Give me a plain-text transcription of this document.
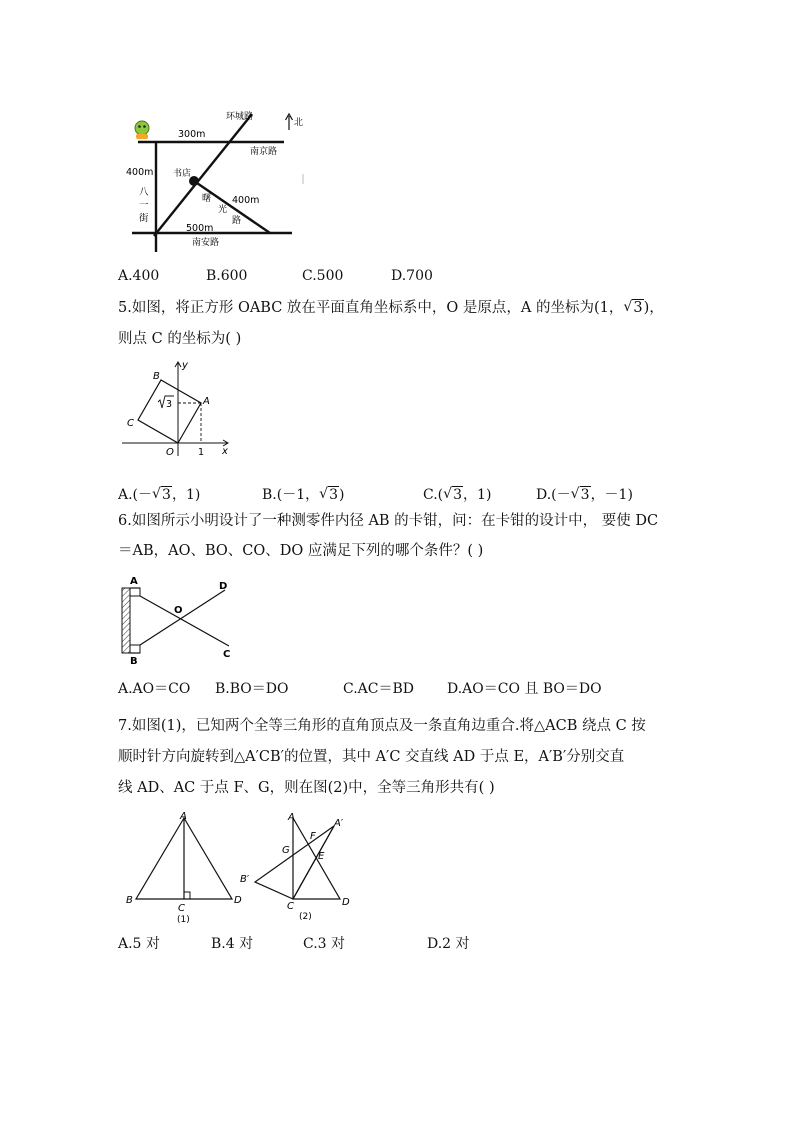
北
环城路
300m
南京路
400m 书店
八
一
街
400m
曙
光
路
500m
南安路
A.400	B.600	C.500	D.700
5.如图，将正方形 OABC 放在平面直角坐标系中，O 是原点，A 的坐标为(1， √ 3)，
则点 C 的坐标为( )
y
x
B
A
C
O	1
3
A.(－ √ 3，1)	B.(－1， √ 3)	C.( √ 3，1)	D.(－ √ 3，－1)
6.如图所示小明设计了一种测零件内径 AB 的卡钳，问：在卡钳的设计中， 要使 DC
＝AB，AO、BO、CO、DO 应满足下列的哪个条件？( )
A
B
O
D
C
A.AO＝CO B.BO＝DO	C.AC＝BD D.AO＝CO 且 BO＝DO
7.如图(1)，已知两个全等三角形的直角顶点及一条直角边重合.将△ACB 绕点 C 按
顺时针方向旋转到△A′CB′的位置，其中 A′C 交直线 AD 于点 E，A′B′分别交直
线 AD、AC 于点 F、G，则在图(2)中，全等三角形共有( )
A
B
C
D
(1)
A
A′
F
G
E
B′
C	D
(2)
A.5 对	B.4 对	C.3 对	D.2 对
